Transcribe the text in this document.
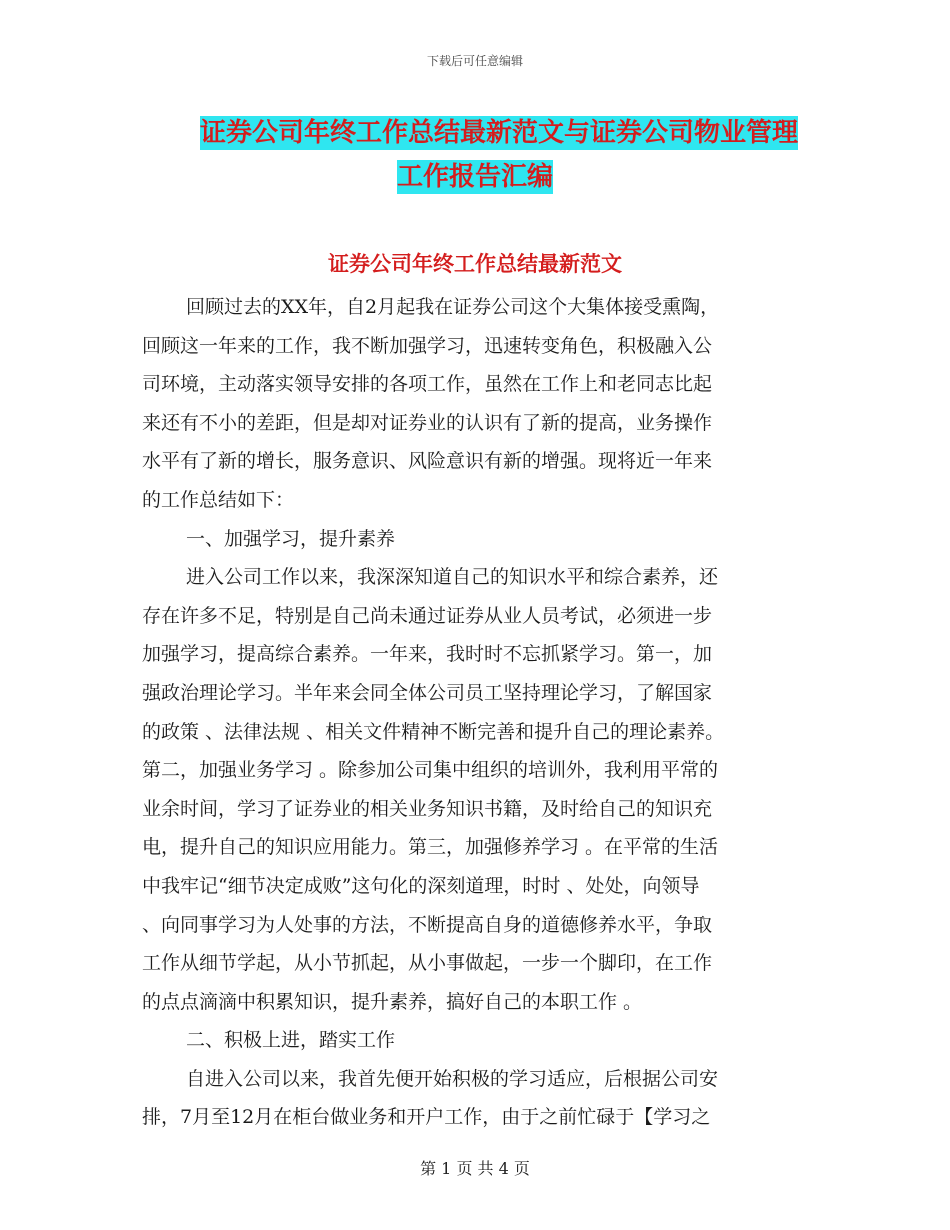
下载后可任意编辑
证券公司年终工作总结最新范文与证券公司物业管理
工作报告汇编
证券公司年终工作总结最新范文
回顾过去的XX年，自2月起我在证券公司这个大集体接受熏陶，
回顾这一年来的工作，我不断加强学习，迅速转变角色，积极融入公
司环境，主动落实领导安排的各项工作，虽然在工作上和老同志比起
来还有不小的差距，但是却对证券业的认识有了新的提高，业务操作
水平有了新的增长，服务意识、风险意识有新的增强。现将近一年来
的工作总结如下：
一、加强学习，提升素养
进入公司工作以来，我深深知道自己的知识水平和综合素养，还
存在许多不足，特别是自己尚未通过证券从业人员考试，必须进一步
加强学习，提高综合素养。一年来，我时时不忘抓紧学习。第一，加
强政治理论学习。半年来会同全体公司员工坚持理论学习，了解国家
的政策 、法律法规 、相关文件精神不断完善和提升自己的理论素养。
第二，加强业务学习 。除参加公司集中组织的培训外，我利用平常的
业余时间，学习了证券业的相关业务知识书籍，及时给自己的知识充
电，提升自己的知识应用能力。第三，加强修养学习 。在平常的生活
中我牢记“细节决定成败”这句化的深刻道理，时时 、处处，向领导
、向同事学习为人处事的方法，不断提高自身的道德修养水平，争取
工作从细节学起，从小节抓起，从小事做起，一步一个脚印，在工作
的点点滴滴中积累知识，提升素养，搞好自己的本职工作 。
二、积极上进，踏实工作
自进入公司以来，我首先便开始积极的学习适应，后根据公司安
排，7月至12月在柜台做业务和开户工作，由于之前忙碌于【学习之
第 1 页 共 4 页
